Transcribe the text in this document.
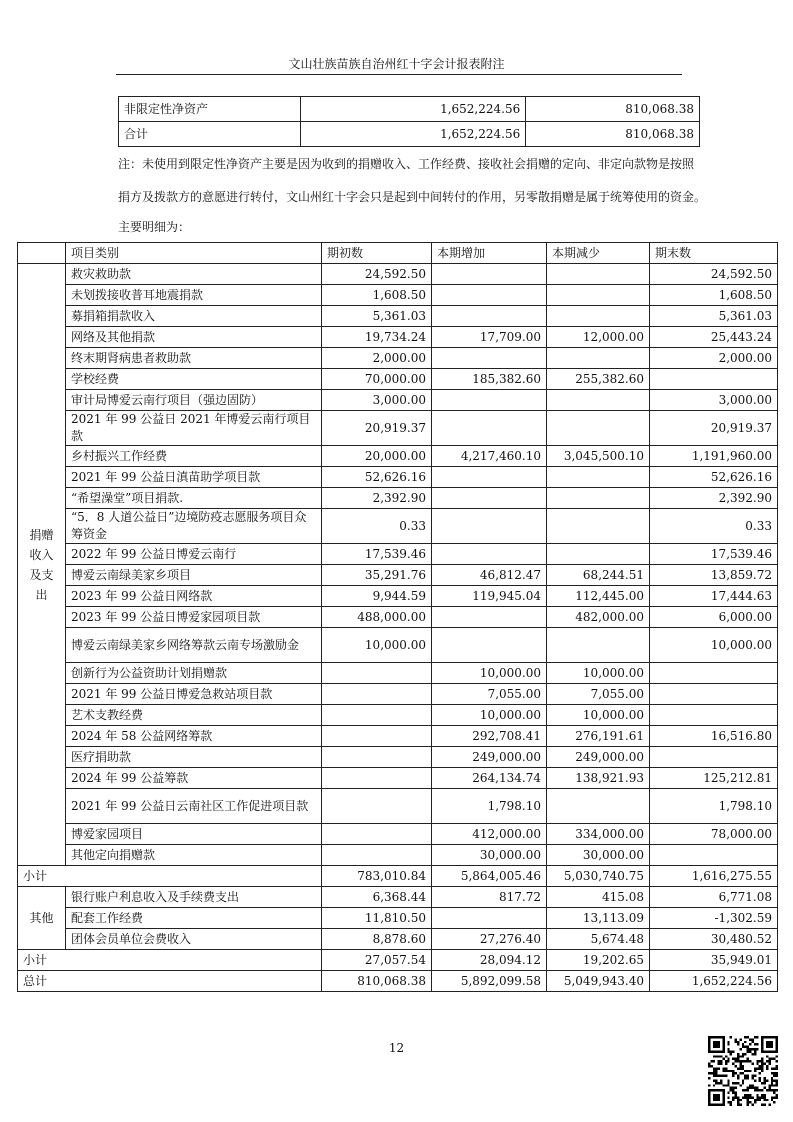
文山壮族苗族自治州红十字会计报表附注
非限定性净资产	1,652,224.56	810,068.38
合计	1,652,224.56	810,068.38
注：未使用到限定性净资产主要是因为收到的捐赠收入、工作经费、接收社会捐赠的定向、非定向款物是按照
捐方及拨款方的意愿进行转付，文山州红十字会只是起到中间转付的作用，另零散捐赠是属于统筹使用的资金。
主要明细为：
	项目类别	期初数	本期增加	本期减少	期末数
捐赠收入及支出	救灾救助款	24,592.50			24,592.50
	未划拨接收普耳地震捐款	1,608.50			1,608.50
	募捐箱捐款收入	5,361.03			5,361.03
	网络及其他捐款	19,734.24	17,709.00	12,000.00	25,443.24
	终末期肾病患者救助款	2,000.00			2,000.00
	学校经费	70,000.00	185,382.60	255,382.60	
	审计局博爱云南行项目（强边固防）	3,000.00			3,000.00
	2021 年 99 公益日 2021 年博爱云南行项目款	20,919.37			20,919.37
	乡村振兴工作经费	20,000.00	4,217,460.10	3,045,500.10	1,191,960.00
	2021 年 99 公益日滇苗助学项目款	52,626.16			52,626.16
	“希望澡堂”项目捐款.	2,392.90			2,392.90
	“5．8 人道公益日”边境防疫志愿服务项目众筹资金	0.33			0.33
	2022 年 99 公益日博爱云南行	17,539.46			17,539.46
	博爱云南绿美家乡项目	35,291.76	46,812.47	68,244.51	13,859.72
	2023 年 99 公益日网络款	9,944.59	119,945.04	112,445.00	17,444.63
	2023 年 99 公益日博爱家园项目款	488,000.00		482,000.00	6,000.00
	博爱云南绿美家乡网络筹款云南专场激励金	10,000.00			10,000.00
	创新行为公益资助计划捐赠款		10,000.00	10,000.00	
	2021 年 99 公益日博爱急救站项目款		7,055.00	7,055.00	
	艺术支教经费		10,000.00	10,000.00	
	2024 年 58 公益网络筹款		292,708.41	276,191.61	16,516.80
	医疗捐助款		249,000.00	249,000.00	
	2024 年 99 公益筹款		264,134.74	138,921.93	125,212.81
	2021 年 99 公益日云南社区工作促进项目款		1,798.10		1,798.10
	博爱家园项目		412,000.00	334,000.00	78,000.00
	其他定向捐赠款		30,000.00	30,000.00	
小计		783,010.84	5,864,005.46	5,030,740.75	1,616,275.55
其他	银行账户利息收入及手续费支出	6,368.44	817.72	415.08	6,771.08
	配套工作经费	11,810.50		13,113.09	-1,302.59
	团体会员单位会费收入	8,878.60	27,276.40	5,674.48	30,480.52
小计		27,057.54	28,094.12	19,202.65	35,949.01
总计		810,068.38	5,892,099.58	5,049,943.40	1,652,224.56
12
